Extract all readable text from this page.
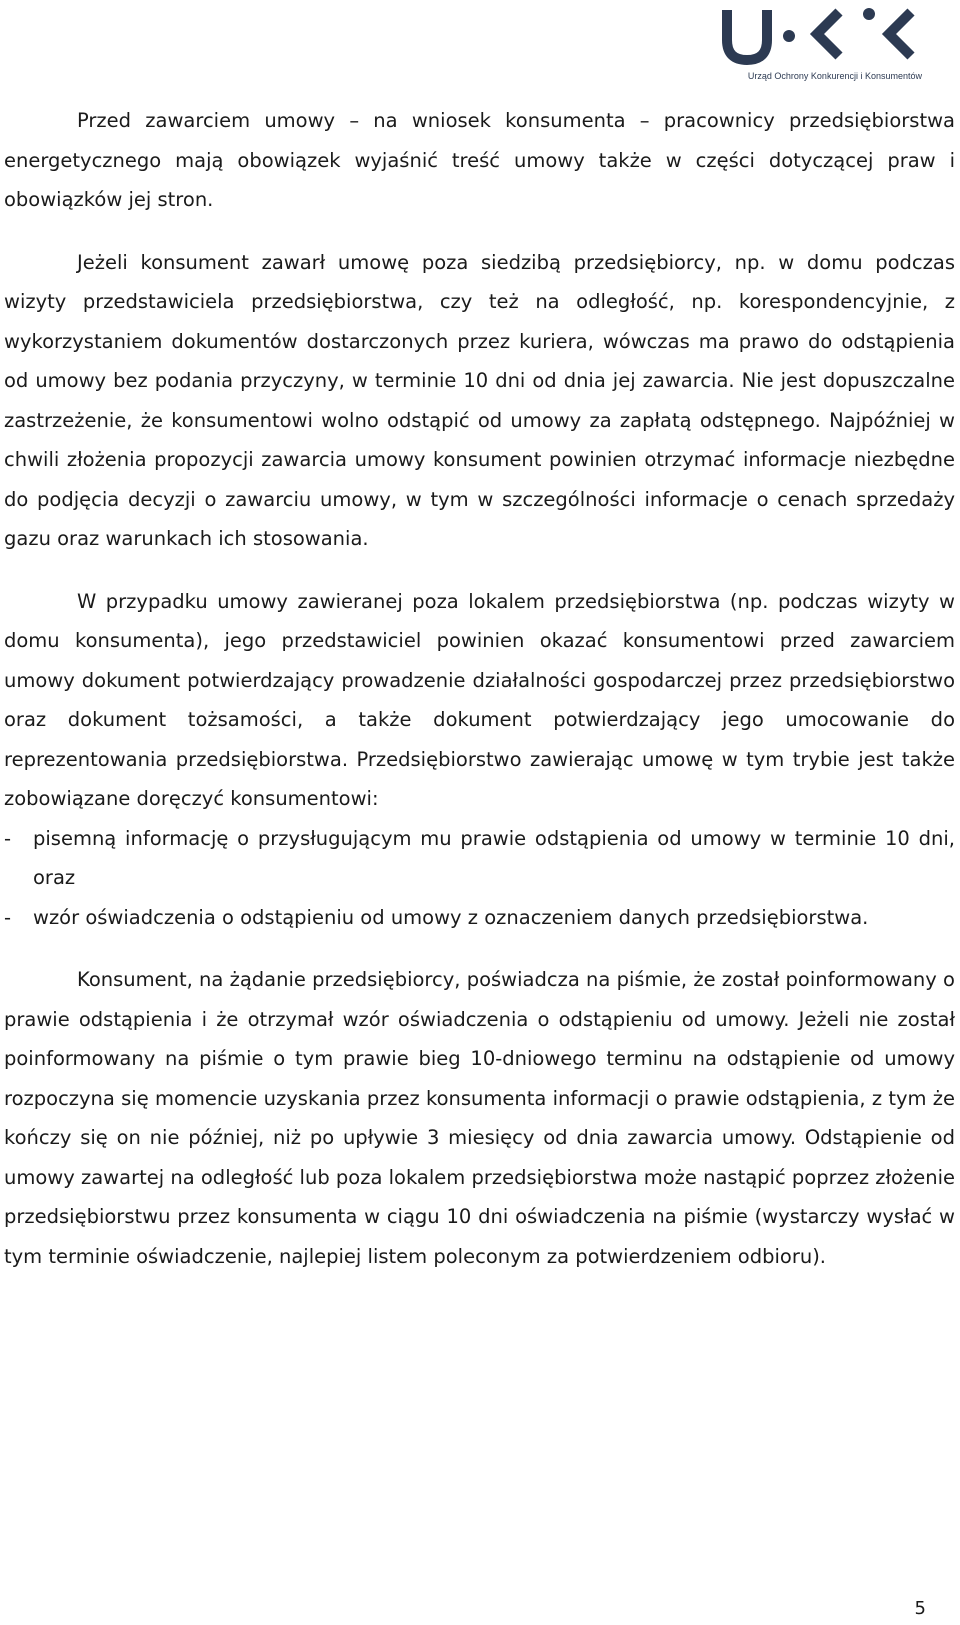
Urząd Ochrony Konkurencji i Konsumentów

Przed zawarciem umowy – na wniosek konsumenta – pracownicy przedsiębiorstwa energetycznego mają obowiązek wyjaśnić treść umowy także w części dotyczącej praw i obowiązków jej stron.

Jeżeli konsument zawarł umowę poza siedzibą przedsiębiorcy, np. w domu podczas wizyty przedstawiciela przedsiębiorstwa, czy też na odległość, np. korespondencyjnie, z wykorzystaniem dokumentów dostarczonych przez kuriera, wówczas ma prawo do odstąpienia od umowy bez podania przyczyny, w terminie 10 dni od dnia jej zawarcia. Nie jest dopuszczalne zastrzeżenie, że konsumentowi wolno odstąpić od umowy za zapłatą odstępnego. Najpóźniej w chwili złożenia propozycji zawarcia umowy konsument powinien otrzymać informacje niezbędne do podjęcia decyzji o zawarciu umowy, w tym w szczególności informacje o cenach sprzedaży gazu oraz warunkach ich stosowania.

W przypadku umowy zawieranej poza lokalem przedsiębiorstwa (np. podczas wizyty w domu konsumenta), jego przedstawiciel powinien okazać konsumentowi przed zawarciem umowy dokument potwierdzający prowadzenie działalności gospodarczej przez przedsiębiorstwo oraz dokument tożsamości, a także dokument potwierdzający jego umocowanie do reprezentowania przedsiębiorstwa. Przedsiębiorstwo zawierając umowę w tym trybie jest także zobowiązane doręczyć konsumentowi:

- pisemną informację o przysługującym mu prawie odstąpienia od umowy w terminie 10 dni, oraz
- wzór oświadczenia o odstąpieniu od umowy z oznaczeniem danych przedsiębiorstwa.

Konsument, na żądanie przedsiębiorcy, poświadcza na piśmie, że został poinformowany o prawie odstąpienia i że otrzymał wzór oświadczenia o odstąpieniu od umowy. Jeżeli nie został poinformowany na piśmie o tym prawie bieg 10-dniowego terminu na odstąpienie od umowy rozpoczyna się momencie uzyskania przez konsumenta informacji o prawie odstąpienia, z tym że kończy się on nie później, niż po upływie 3 miesięcy od dnia zawarcia umowy. Odstąpienie od umowy zawartej na odległość lub poza lokalem przedsiębiorstwa może nastąpić poprzez złożenie przedsiębiorstwu przez konsumenta w ciągu 10 dni oświadczenia na piśmie (wystarczy wysłać w tym terminie oświadczenie, najlepiej listem poleconym za potwierdzeniem odbioru).

5
